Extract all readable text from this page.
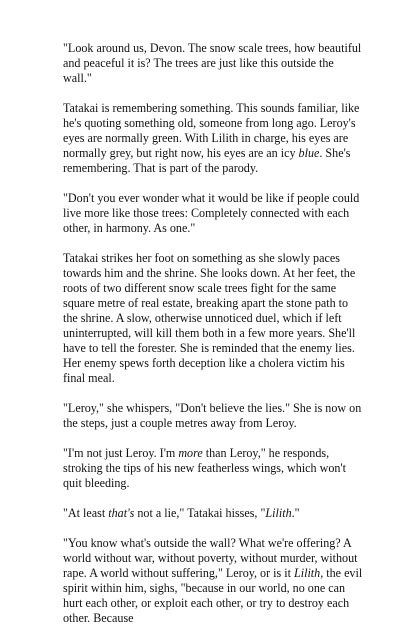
"Look around us, Devon. The snow scale trees, how beautiful and peaceful it is? The trees are just like this outside the wall."

Tatakai is remembering something. This sounds familiar, like he's quoting something old, someone from long ago. Leroy's eyes are normally green. With Lilith in charge, his eyes are normally grey, but right now, his eyes are an icy blue. She's remembering. That is part of the parody.

"Don't you ever wonder what it would be like if people could live more like those trees: Completely connected with each other, in harmony. As one."

Tatakai strikes her foot on something as she slowly paces towards him and the shrine. She looks down. At her feet, the roots of two different snow scale trees fight for the same square metre of real estate, breaking apart the stone path to the shrine. A slow, otherwise unnoticed duel, which if left uninterrupted, will kill them both in a few more years. She'll have to tell the forester. She is reminded that the enemy lies. Her enemy spews forth deception like a cholera victim his final meal.

"Leroy," she whispers, "Don't believe the lies." She is now on the steps, just a couple metres away from Leroy.

"I'm not just Leroy. I'm more than Leroy," he responds, stroking the tips of his new featherless wings, which won't quit bleeding.

"At least that's not a lie," Tatakai hisses, "Lilith."

"You know what's outside the wall? What we're offering? A world without war, without poverty, without murder, without rape. A world without suffering," Leroy, or is it Lilith, the evil spirit within him, sighs, "because in our world, no one can hurt each other, or exploit each other, or try to destroy each other. Because
